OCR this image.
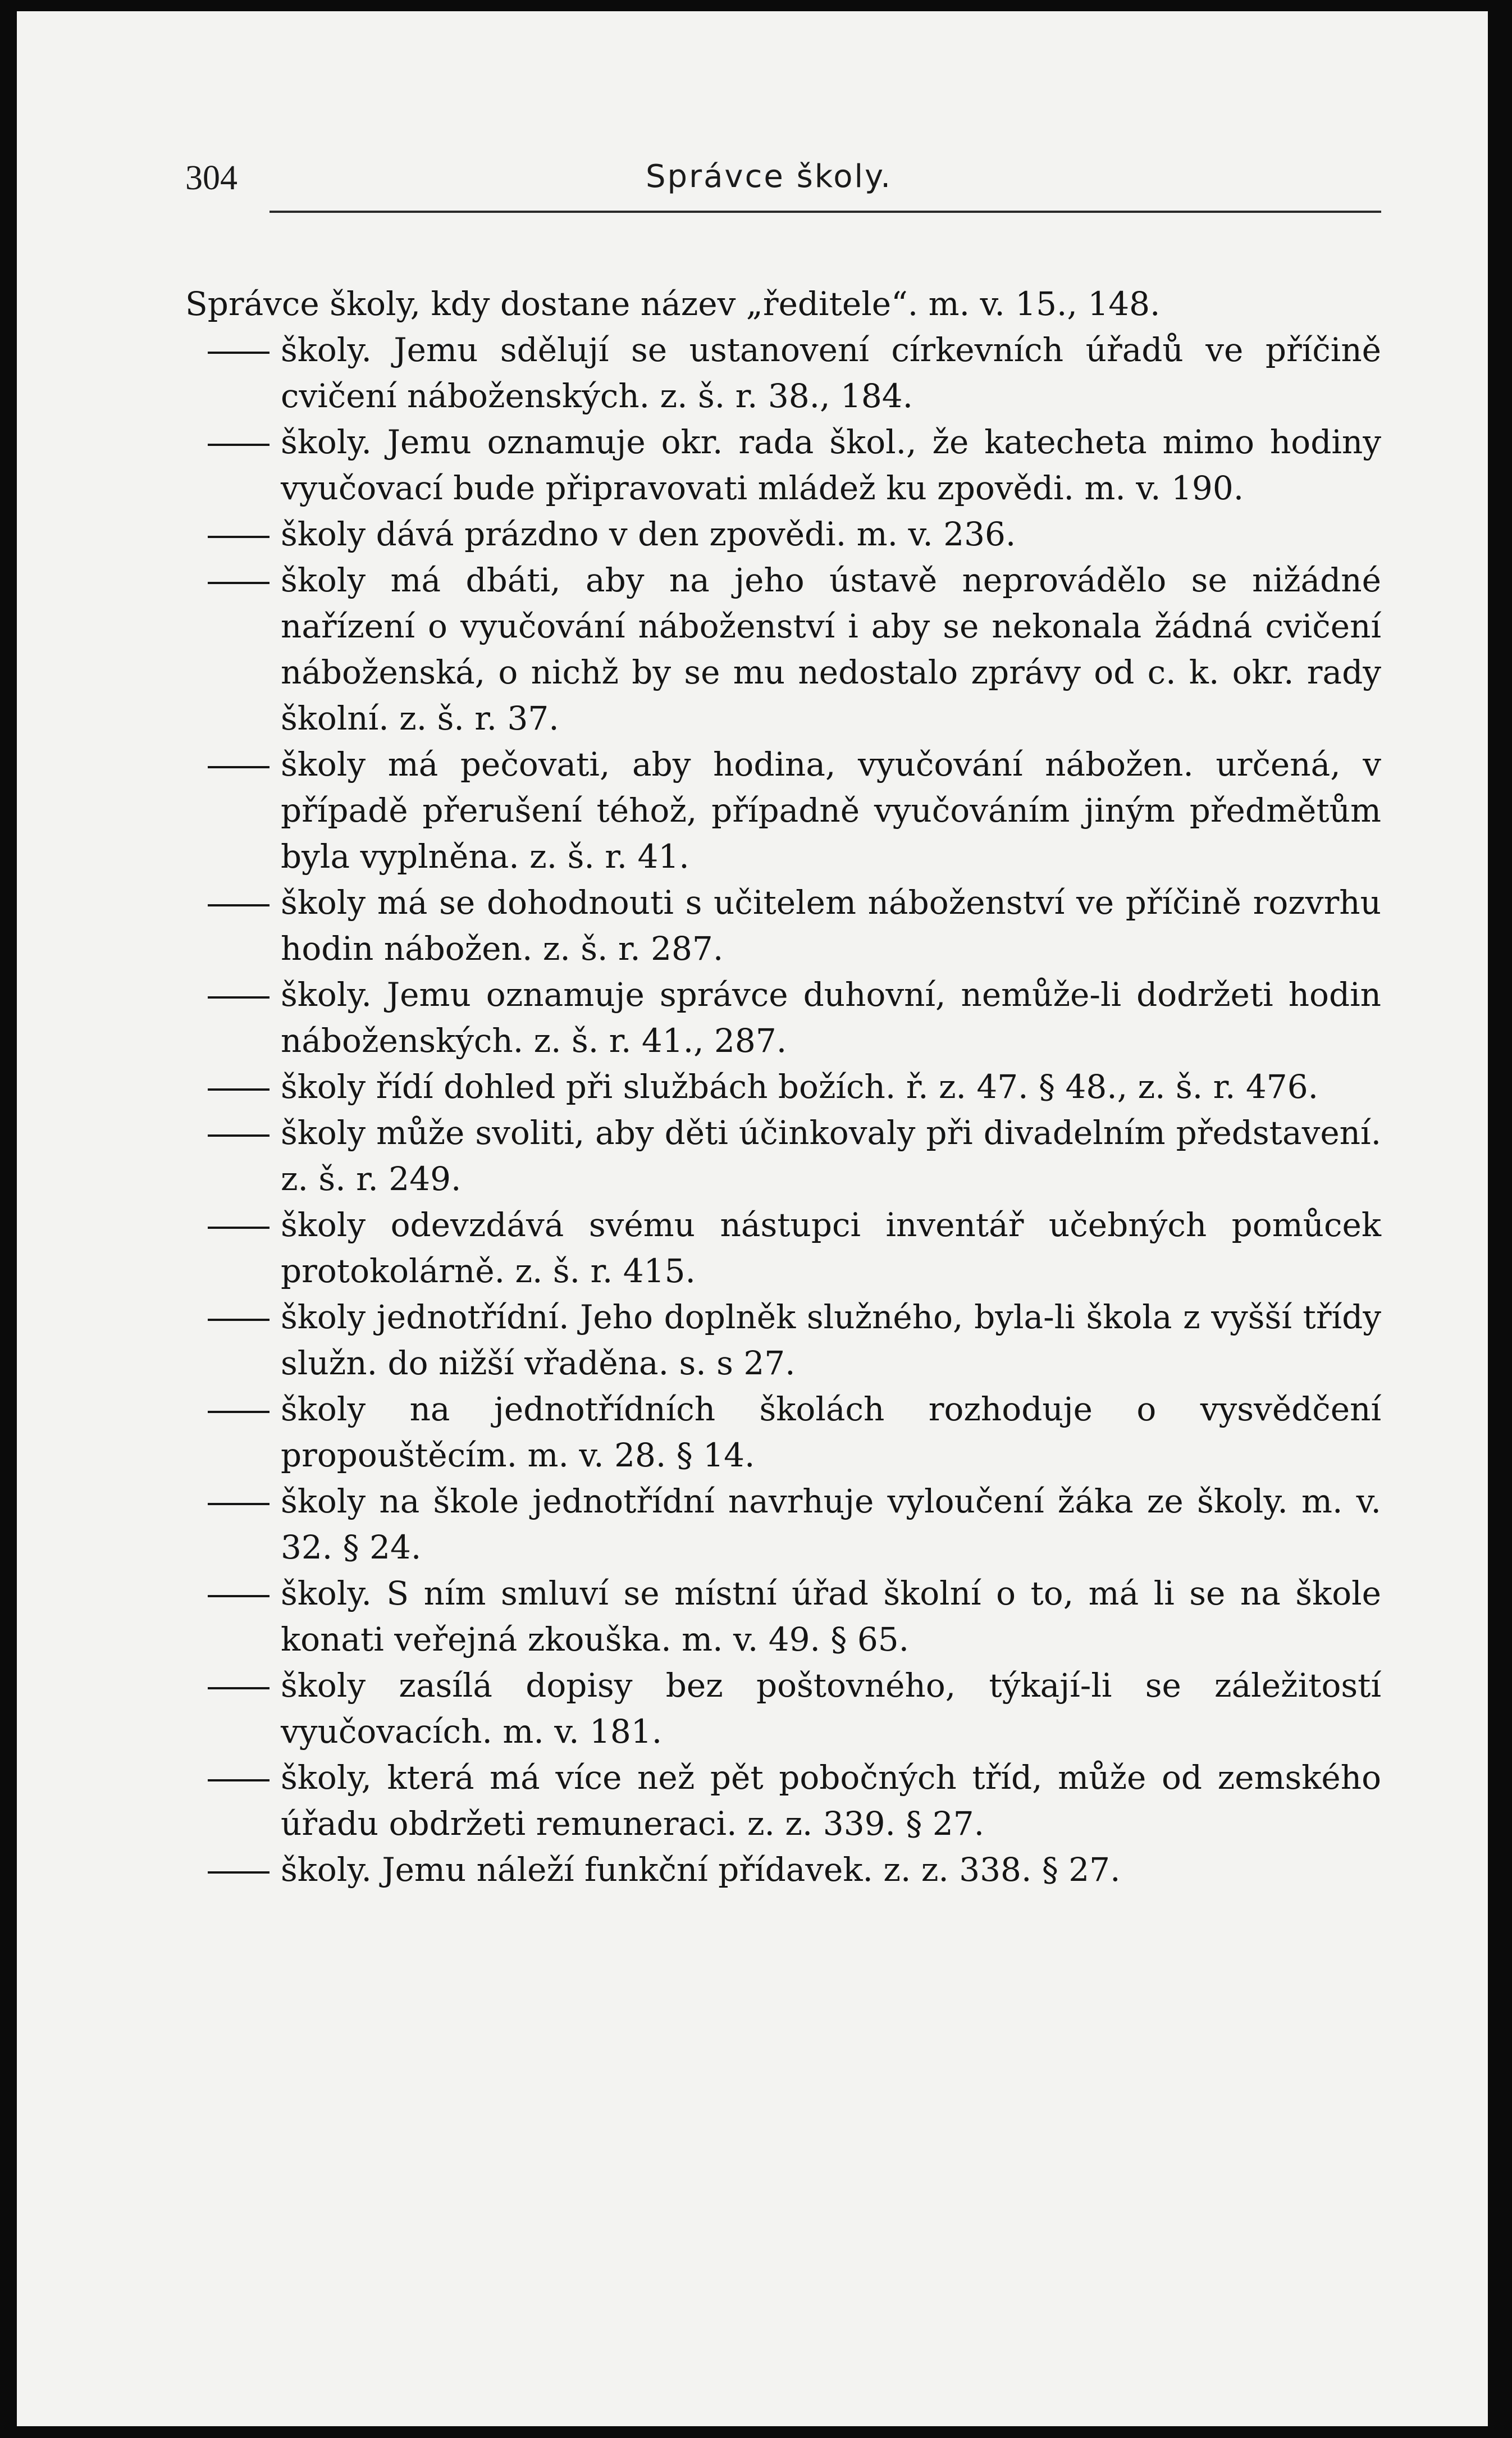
304	Správce školy.
Správce školy, kdy dostane název „ředitele“. m. v. 15., 148.
školy. Jemu sdělují se ustanovení církevních úřadů ve příčině cvičení náboženských. z. š. r. 38., 184.
školy. Jemu oznamuje okr. rada škol., že katecheta mimo hodiny vyučovací bude připravovati mládež ku zpovědi. m. v. 190.
školy dává prázdno v den zpovědi. m. v. 236.
školy má dbáti, aby na jeho ústavě neprovádělo se nižádné nařízení o vyučování náboženství i aby se nekonala žádná cvičení náboženská, o nichž by se mu nedostalo zprávy od c. k. okr. rady školní. z. š. r. 37.
školy má pečovati, aby hodina, vyučování nábožen. určená, v případě přerušení téhož, případně vyučováním jiným předmětům byla vyplněna. z. š. r. 41.
školy má se dohodnouti s učitelem náboženství ve příčině rozvrhu hodin nábožen. z. š. r. 287.
školy. Jemu oznamuje správce duhovní, nemůže-li dodržeti hodin náboženských. z. š. r. 41., 287.
školy řídí dohled při službách božích. ř. z. 47. § 48., z. š. r. 476.
školy může svoliti, aby děti účinkovaly při divadelním představení. z. š. r. 249.
školy odevzdává svému nástupci inventář učebných pomůcek protokolárně. z. š. r. 415.
školy jednotřídní. Jeho doplněk služného, byla-li škola z vyšší třídy služn. do nižší vřaděna. s. s 27.
školy na jednotřídních školách rozhoduje o vysvědčení propouštěcím. m. v. 28. § 14.
školy na škole jednotřídní navrhuje vyloučení žáka ze školy. m. v. 32. § 24.
školy. S ním smluví se místní úřad školní o to, má li se na škole konati veřejná zkouška. m. v. 49. § 65.
školy zasílá dopisy bez poštovného, týkají-li se záležitostí vyučovacích. m. v. 181.
školy, která má více než pět pobočných tříd, může od zemského úřadu obdržeti remuneraci. z. z. 339. § 27.
školy. Jemu náleží funkční přídavek. z. z. 338. § 27.
